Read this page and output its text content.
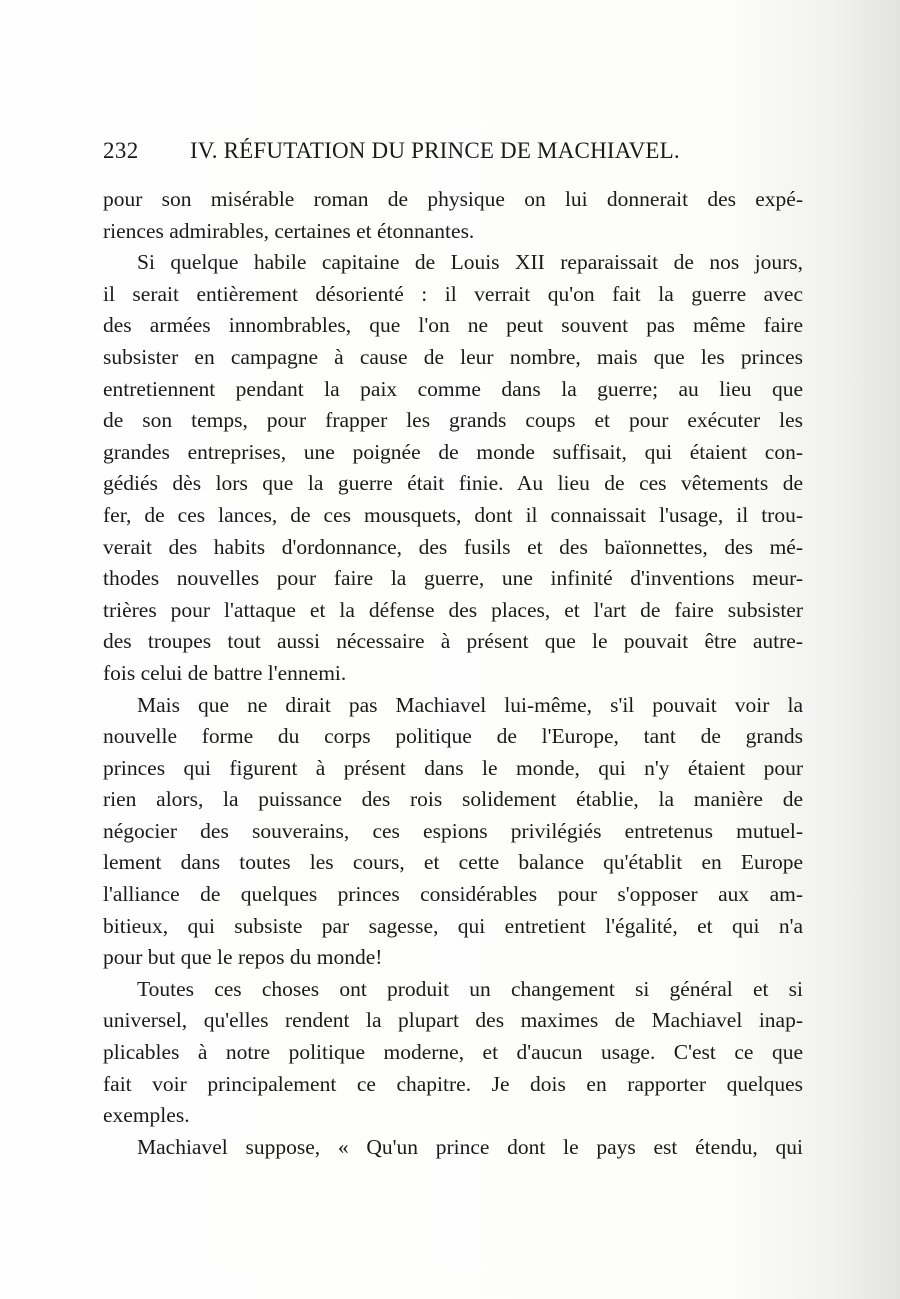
232 IV. RÉFUTATION DU PRINCE DE MACHIAVEL.
pour son misérable roman de physique on lui donnerait des expé-
riences admirables, certaines et étonnantes.
Si quelque habile capitaine de Louis XII reparaissait de nos jours,
il serait entièrement désorienté : il verrait qu'on fait la guerre avec
des armées innombrables, que l'on ne peut souvent pas même faire
subsister en campagne à cause de leur nombre, mais que les princes
entretiennent pendant la paix comme dans la guerre; au lieu que
de son temps, pour frapper les grands coups et pour exécuter les
grandes entreprises, une poignée de monde suffisait, qui étaient con-
gédiés dès lors que la guerre était finie. Au lieu de ces vêtements de
fer, de ces lances, de ces mousquets, dont il connaissait l'usage, il trou-
verait des habits d'ordonnance, des fusils et des baïonnettes, des mé-
thodes nouvelles pour faire la guerre, une infinité d'inventions meur-
trières pour l'attaque et la défense des places, et l'art de faire subsister
des troupes tout aussi nécessaire à présent que le pouvait être autre-
fois celui de battre l'ennemi.
Mais que ne dirait pas Machiavel lui-même, s'il pouvait voir la
nouvelle forme du corps politique de l'Europe, tant de grands
princes qui figurent à présent dans le monde, qui n'y étaient pour
rien alors, la puissance des rois solidement établie, la manière de
négocier des souverains, ces espions privilégiés entretenus mutuel-
lement dans toutes les cours, et cette balance qu'établit en Europe
l'alliance de quelques princes considérables pour s'opposer aux am-
bitieux, qui subsiste par sagesse, qui entretient l'égalité, et qui n'a
pour but que le repos du monde!
Toutes ces choses ont produit un changement si général et si
universel, qu'elles rendent la plupart des maximes de Machiavel inap-
plicables à notre politique moderne, et d'aucun usage. C'est ce que
fait voir principalement ce chapitre. Je dois en rapporter quelques
exemples.
Machiavel suppose, « Qu'un prince dont le pays est étendu, qui
